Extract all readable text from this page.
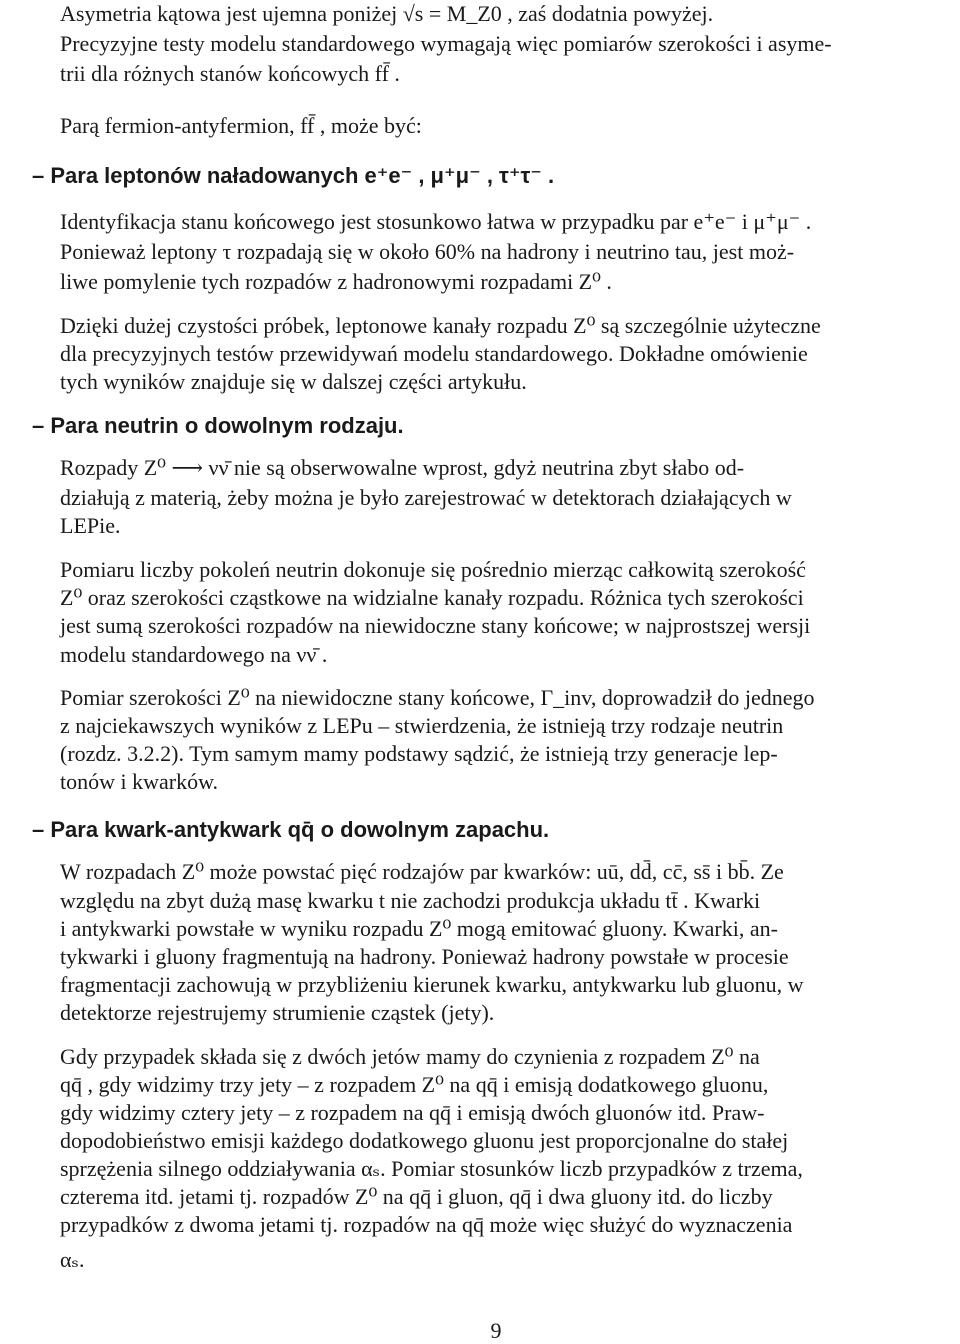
Asymetria kątowa jest ujemna poniżej √s = M_Z0 , zaś dodatnia powyżej.
Precyzyjne testy modelu standardowego wymagają więc pomiarów szerokości i asyme-
trii dla różnych stanów końcowych ff̄ .
Parą fermion-antyfermion, ff̄ , może być:
– Para leptonów naładowanych e⁺e⁻ , μ⁺μ⁻ , τ⁺τ⁻ .
Identyfikacja stanu końcowego jest stosunkowo łatwa w przypadku par e⁺e⁻ i μ⁺μ⁻ .
Ponieważ leptony τ rozpadają się w około 60% na hadrony i neutrino tau, jest moż-
liwe pomylenie tych rozpadów z hadronowymi rozpadami Z⁰ .
Dzięki dużej czystości próbek, leptonowe kanały rozpadu Z⁰ są szczególnie użyteczne
dla precyzyjnych testów przewidywań modelu standardowego. Dokładne omówienie
tych wyników znajduje się w dalszej części artykułu.
– Para neutrin o dowolnym rodzaju.
Rozpady Z⁰ ⟶ νν̄ nie są obserwowalne wprost, gdyż neutrina zbyt słabo od-
działują z materią, żeby można je było zarejestrować w detektorach działających w
LEPie.
Pomiaru liczby pokoleń neutrin dokonuje się pośrednio mierząc całkowitą szerokość
Z⁰ oraz szerokości cząstkowe na widzialne kanały rozpadu. Różnica tych szerokości
jest sumą szerokości rozpadów na niewidoczne stany końcowe; w najprostszej wersji
modelu standardowego na νν̄ .
Pomiar szerokości Z⁰ na niewidoczne stany końcowe, Γ_inv, doprowadził do jednego
z najciekawszych wyników z LEPu – stwierdzenia, że istnieją trzy rodzaje neutrin
(rozdz. 3.2.2). Tym samym mamy podstawy sądzić, że istnieją trzy generacje lep-
tonów i kwarków.
– Para kwark-antykwark qq̄ o dowolnym zapachu.
W rozpadach Z⁰ może powstać pięć rodzajów par kwarków: uū, dd̄, cc̄, ss̄ i bb̄. Ze
względu na zbyt dużą masę kwarku t nie zachodzi produkcja układu tt̄ . Kwarki
i antykwarki powstałe w wyniku rozpadu Z⁰ mogą emitować gluony. Kwarki, an-
tykwarki i gluony fragmentują na hadrony. Ponieważ hadrony powstałe w procesie
fragmentacji zachowują w przybliżeniu kierunek kwarku, antykwarku lub gluonu, w
detektorze rejestrujemy strumienie cząstek (jety).
Gdy przypadek składa się z dwóch jetów mamy do czynienia z rozpadem Z⁰ na
qq̄ , gdy widzimy trzy jety – z rozpadem Z⁰ na qq̄ i emisją dodatkowego gluonu,
gdy widzimy cztery jety – z rozpadem na qq̄ i emisją dwóch gluonów itd. Praw-
dopodobieństwo emisji każdego dodatkowego gluonu jest proporcjonalne do stałej
sprzężenia silnego oddziaływania αₛ. Pomiar stosunków liczb przypadków z trzema,
czterema itd. jetami tj. rozpadów Z⁰ na qq̄ i gluon, qq̄ i dwa gluony itd. do liczby
przypadków z dwoma jetami tj. rozpadów na qq̄ może więc służyć do wyznaczenia
αₛ.
9
